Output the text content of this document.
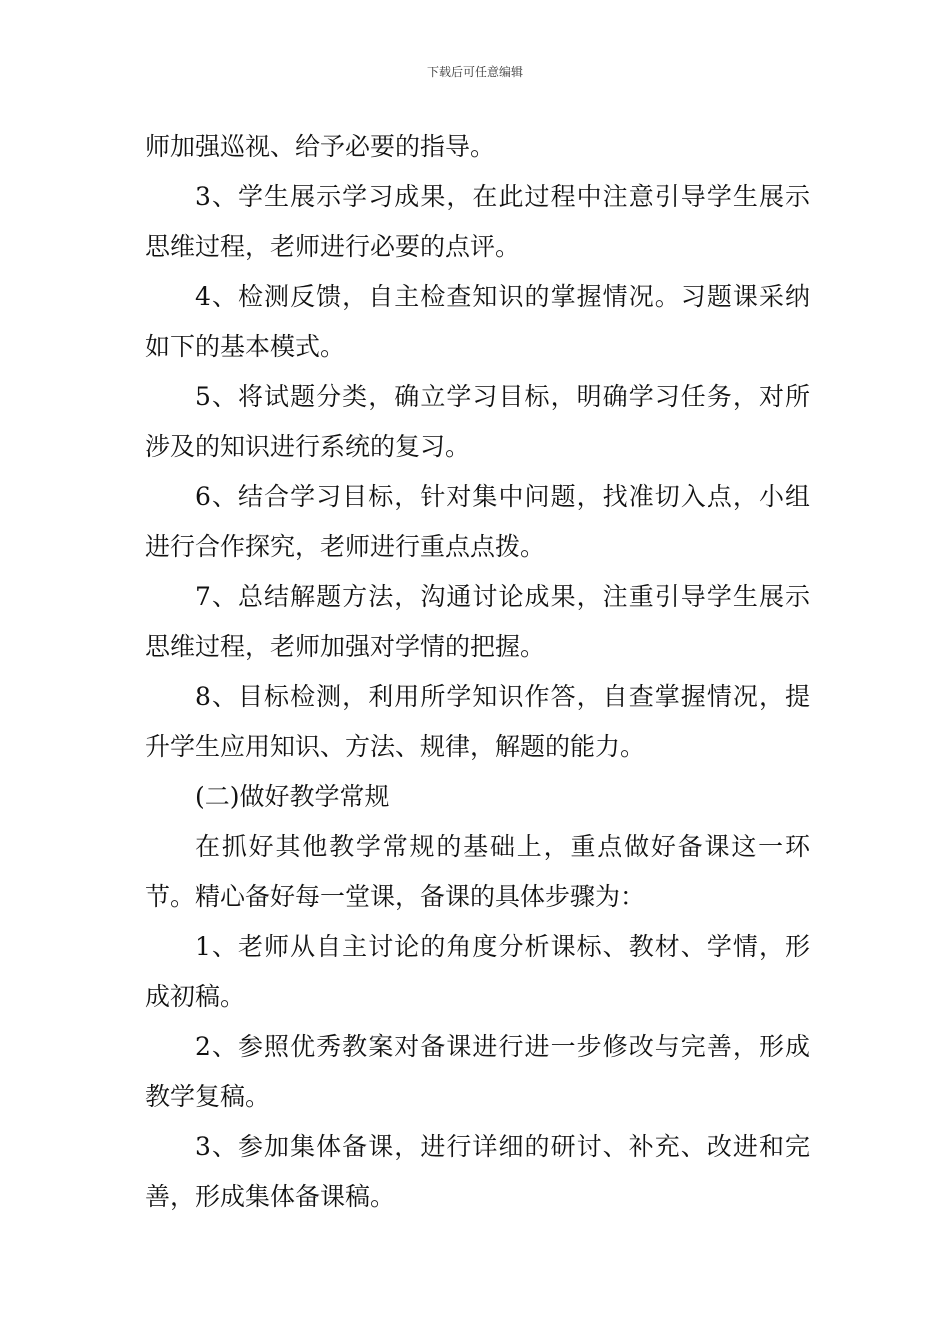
下载后可任意编辑

师加强巡视、给予必要的指导。

3、学生展示学习成果，在此过程中注意引导学生展示思维过程，老师进行必要的点评。

4、检测反馈，自主检查知识的掌握情况。习题课采纳如下的基本模式。

5、将试题分类，确立学习目标，明确学习任务，对所涉及的知识进行系统的复习。

6、结合学习目标，针对集中问题，找准切入点，小组进行合作探究，老师进行重点点拨。

7、总结解题方法，沟通讨论成果，注重引导学生展示思维过程，老师加强对学情的把握。

8、目标检测，利用所学知识作答，自查掌握情况，提升学生应用知识、方法、规律，解题的能力。

(二)做好教学常规

在抓好其他教学常规的基础上，重点做好备课这一环节。精心备好每一堂课，备课的具体步骤为：

1、老师从自主讨论的角度分析课标、教材、学情，形成初稿。

2、参照优秀教案对备课进行进一步修改与完善，形成教学复稿。

3、参加集体备课，进行详细的研讨、补充、改进和完善，形成集体备课稿。
